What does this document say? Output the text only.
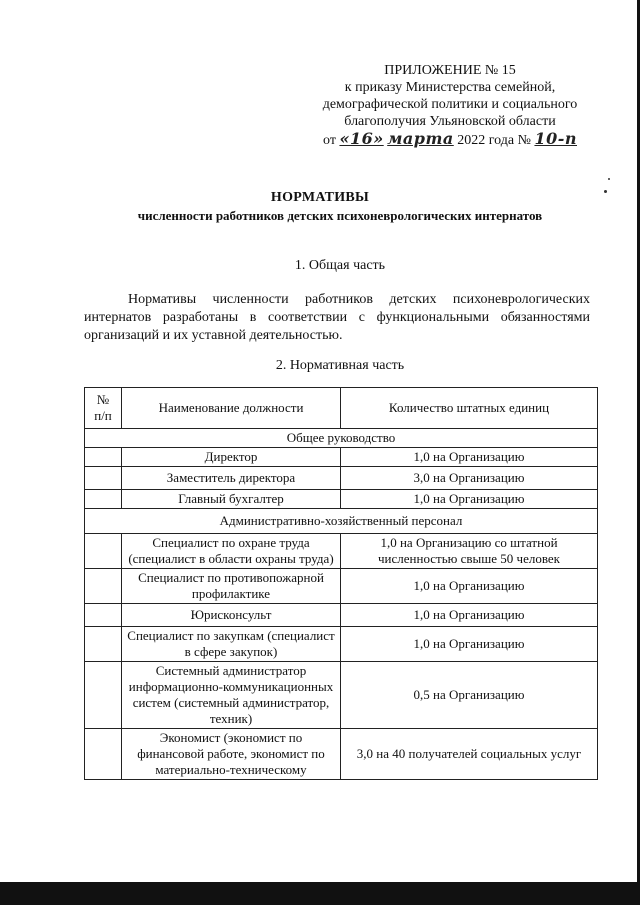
ПРИЛОЖЕНИЕ № 15
к приказу Министерства семейной,
демографической политики и социального
благополучия Ульяновской области
от «16» марта 2022 года № 10-п
НОРМАТИВЫ
численности работников детских психоневрологических интернатов
1. Общая часть
Нормативы численности работников детских психоневрологических интернатов разработаны в соответствии с функциональными обязанностями организаций и их уставной деятельностью.
2. Нормативная часть
№
п/п	Наименование должности	Количество штатных единиц
Общее руководство		
	Директор	1,0 на Организацию
	Заместитель директора	3,0 на Организацию
	Главный бухгалтер	1,0 на Организацию
Административно-хозяйственный персонал		
	Специалист по охране труда (специалист в области охраны труда)	1,0 на Организацию со штатной численностью свыше 50 человек
	Специалист по противопожарной профилактике	1,0 на Организацию
	Юрисконсульт	1,0 на Организацию
	Специалист по закупкам (специалист в сфере закупок)	1,0 на Организацию
	Системный администратор информационно-коммуникационных систем (системный администратор, техник)	0,5 на Организацию
	Экономист (экономист по финансовой работе, экономист по материально-техническому	3,0 на 40 получателей социальных услуг
